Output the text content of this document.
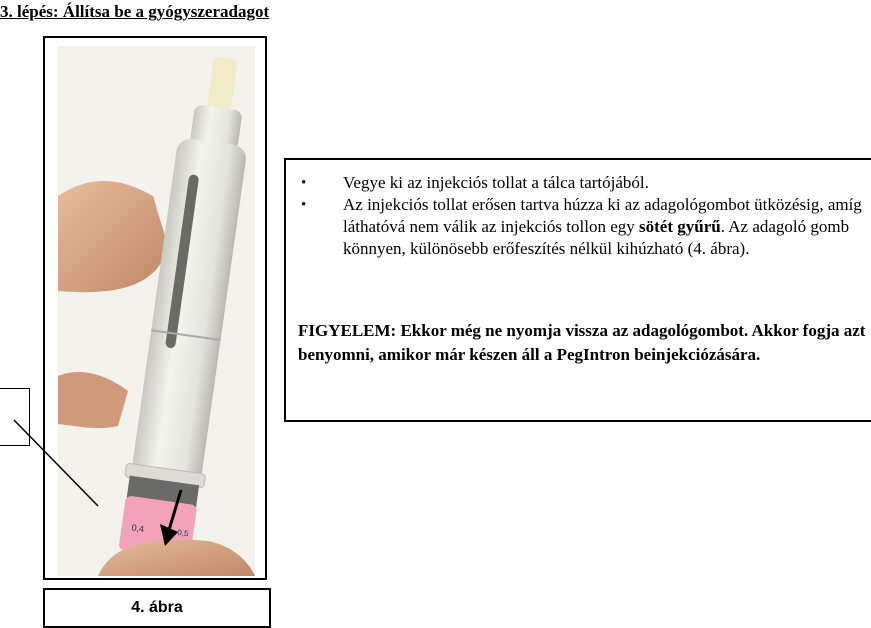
3. lépés: Állítsa be a gyógyszeradagot
0,4	0,5
4. ábra
• Vegye ki az injekciós tollat a tálca tartójából.
• Az injekciós tollat erősen tartva húzza ki az adagológombot ütközésig, amíg láthatóvá nem válik az injekciós tollon egy sötét gyűrű. Az adagoló gomb könnyen, különösebb erőfeszítés nélkül kihúzható (4. ábra).
FIGYELEM: Ekkor még ne nyomja vissza az adagológombot. Akkor fogja azt benyomni, amikor már készen áll a PegIntron beinjekciózására.
